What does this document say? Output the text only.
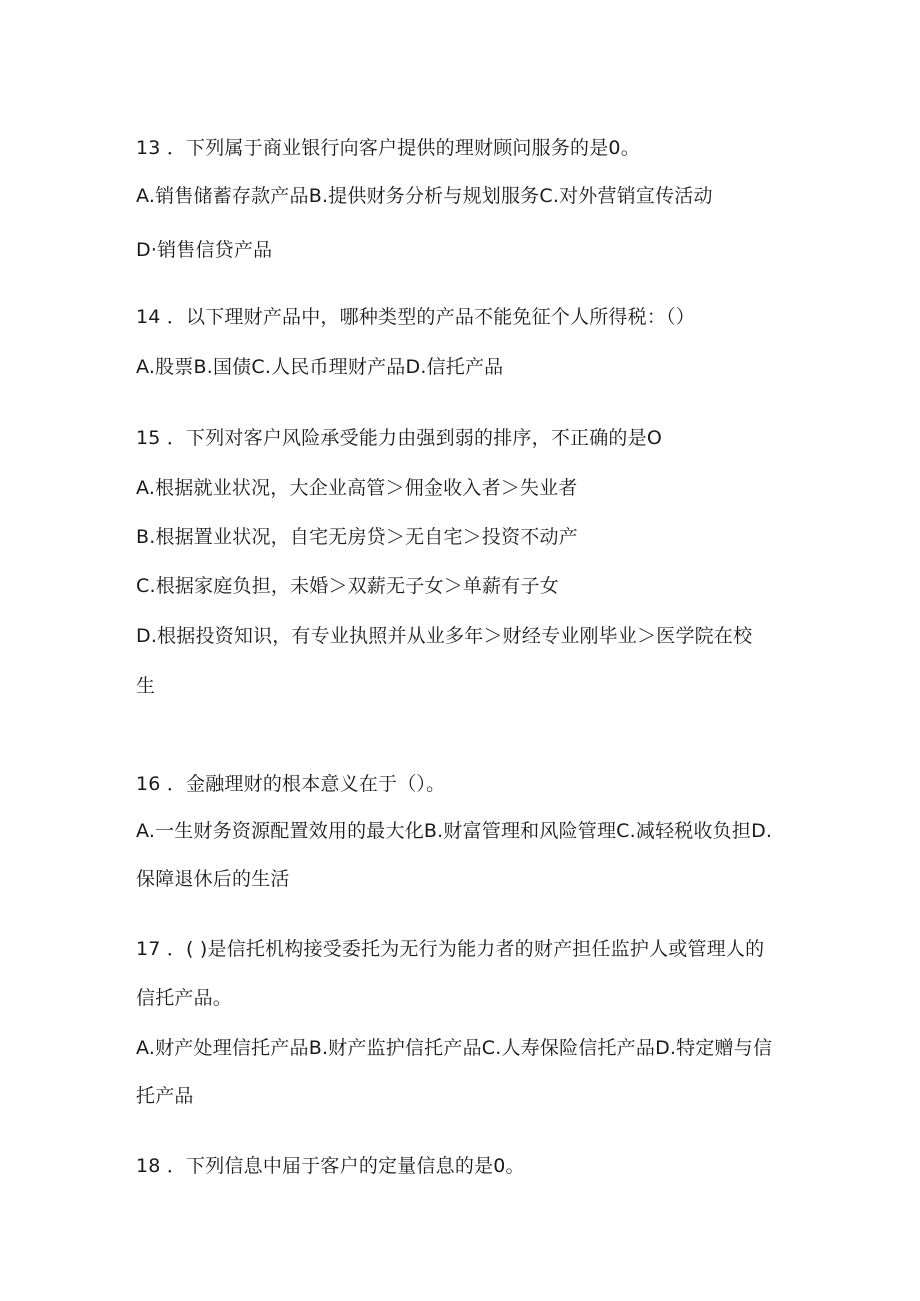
13 ．下列属于商业银行向客户提供的理财顾问服务的是0。
A.销售储蓄存款产品B.提供财务分析与规划服务C.对外营销宣传活动
D·销售信贷产品
14 ．以下理财产品中，哪种类型的产品不能免征个人所得税：（）
A.股票B.国债C.人民币理财产品D.信托产品
15 ．下列对客户风险承受能力由强到弱的排序，不正确的是O
A.根据就业状况，大企业高管＞佣金收入者＞失业者
B.根据置业状况，自宅无房贷＞无自宅＞投资不动产
C.根据家庭负担，未婚＞双薪无子女＞单薪有子女
D.根据投资知识，有专业执照并从业多年＞财经专业刚毕业＞医学院在校
生
16 ．金融理财的根本意义在于（）。
A.一生财务资源配置效用的最大化B.财富管理和风险管理C.减轻税收负担D.
保障退休后的生活
17 ．( )是信托机构接受委托为无行为能力者的财产担任监护人或管理人的
信托产品。
A.财产处理信托产品B.财产监护信托产品C.人寿保险信托产品D.特定赠与信
托产品
18 ．下列信息中届于客户的定量信息的是0。
